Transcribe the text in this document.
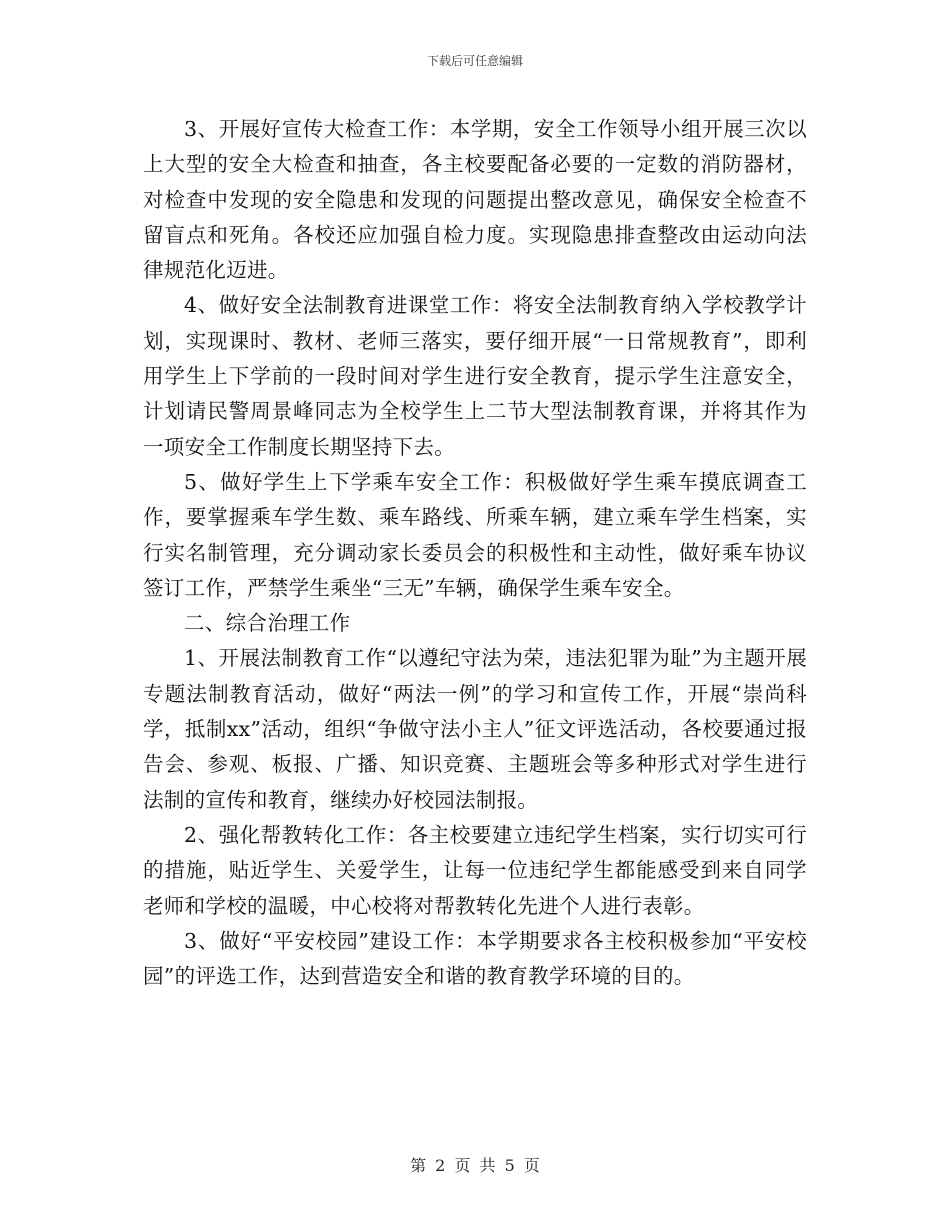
下载后可任意编辑

3、开展好宣传大检查工作：本学期，安全工作领导小组开展三次以上大型的安全大检查和抽查，各主校要配备必要的一定数的消防器材，对检查中发现的安全隐患和发现的问题提出整改意见，确保安全检查不留盲点和死角。各校还应加强自检力度。实现隐患排查整改由运动向法律规范化迈进。

4、做好安全法制教育进课堂工作：将安全法制教育纳入学校教学计划，实现课时、教材、老师三落实，要仔细开展“一日常规教育”，即利用学生上下学前的一段时间对学生进行安全教育，提示学生注意安全，计划请民警周景峰同志为全校学生上二节大型法制教育课，并将其作为一项安全工作制度长期坚持下去。

5、做好学生上下学乘车安全工作：积极做好学生乘车摸底调查工作，要掌握乘车学生数、乘车路线、所乘车辆，建立乘车学生档案，实行实名制管理，充分调动家长委员会的积极性和主动性，做好乘车协议签订工作，严禁学生乘坐“三无”车辆，确保学生乘车安全。

二、综合治理工作

1、开展法制教育工作“以遵纪守法为荣，违法犯罪为耻”为主题开展专题法制教育活动，做好“两法一例”的学习和宣传工作，开展“崇尚科学，抵制xx”活动，组织“争做守法小主人”征文评选活动，各校要通过报告会、参观、板报、广播、知识竞赛、主题班会等多种形式对学生进行法制的宣传和教育，继续办好校园法制报。

2、强化帮教转化工作：各主校要建立违纪学生档案，实行切实可行的措施，贴近学生、关爱学生，让每一位违纪学生都能感受到来自同学老师和学校的温暖，中心校将对帮教转化先进个人进行表彰。

3、做好“平安校园”建设工作：本学期要求各主校积极参加“平安校园”的评选工作，达到营造安全和谐的教育教学环境的目的。

第 2 页 共 5 页
